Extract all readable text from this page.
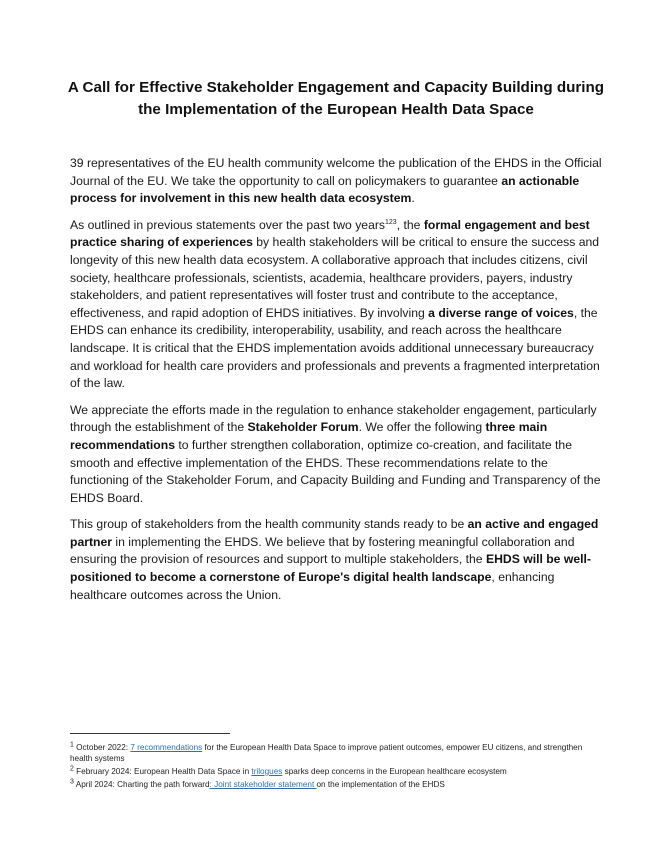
A Call for Effective Stakeholder Engagement and Capacity Building during
the Implementation of the European Health Data Space

39 representatives of the EU health community welcome the publication of the EHDS in the Official Journal of the EU. We take the opportunity to call on policymakers to guarantee an actionable process for involvement in this new health data ecosystem.

As outlined in previous statements over the past two years$^{123}$, the formal engagement and best practice sharing of experiences by health stakeholders will be critical to ensure the success and longevity of this new health data ecosystem. A collaborative approach that includes citizens, civil society, healthcare professionals, scientists, academia, healthcare providers, payers, industry stakeholders, and patient representatives will foster trust and contribute to the acceptance, effectiveness, and rapid adoption of EHDS initiatives. By involving a diverse range of voices, the EHDS can enhance its credibility, interoperability, usability, and reach across the healthcare landscape. It is critical that the EHDS implementation avoids additional unnecessary bureaucracy and workload for health care providers and professionals and prevents a fragmented interpretation of the law.

We appreciate the efforts made in the regulation to enhance stakeholder engagement, particularly through the establishment of the Stakeholder Forum. We offer the following three main recommendations to further strengthen collaboration, optimize co-creation, and facilitate the smooth and effective implementation of the EHDS. These recommendations relate to the functioning of the Stakeholder Forum, and Capacity Building and Funding and Transparency of the EHDS Board.

This group of stakeholders from the health community stands ready to be an active and engaged partner in implementing the EHDS. We believe that by fostering meaningful collaboration and ensuring the provision of resources and support to multiple stakeholders, the EHDS will be well-positioned to become a cornerstone of Europe's digital health landscape, enhancing healthcare outcomes across the Union.

$^1$ October 2022: 7 recommendations for the European Health Data Space to improve patient outcomes, empower EU citizens, and strengthen health systems
$^2$ February 2024: European Health Data Space in trilogues sparks deep concerns in the European healthcare ecosystem
$^3$ April 2024: Charting the path forward: Joint stakeholder statement on the implementation of the EHDS
